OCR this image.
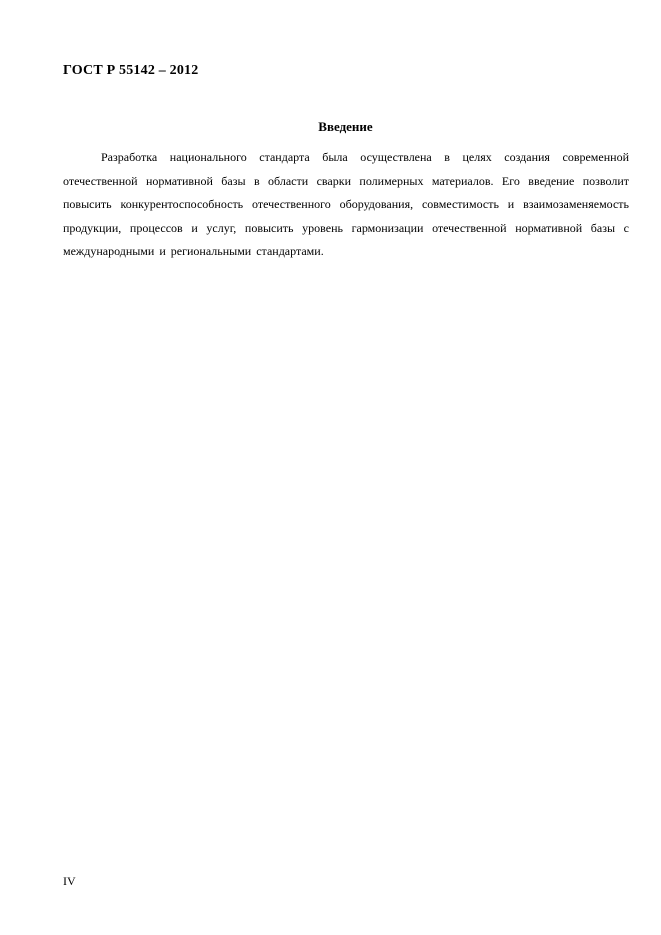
ГОСТ Р 55142 – 2012
Введение

Разработка национального стандарта была осуществлена в целях создания современной отечественной нормативной базы в области сварки полимерных материалов. Его введение позволит повысить конкурентоспособность отечественного оборудования, совместимость и взаимозаменяемость продукции, процессов и услуг, повысить уровень гармонизации отечественной нормативной базы с международными и региональными стандартами.

IV
